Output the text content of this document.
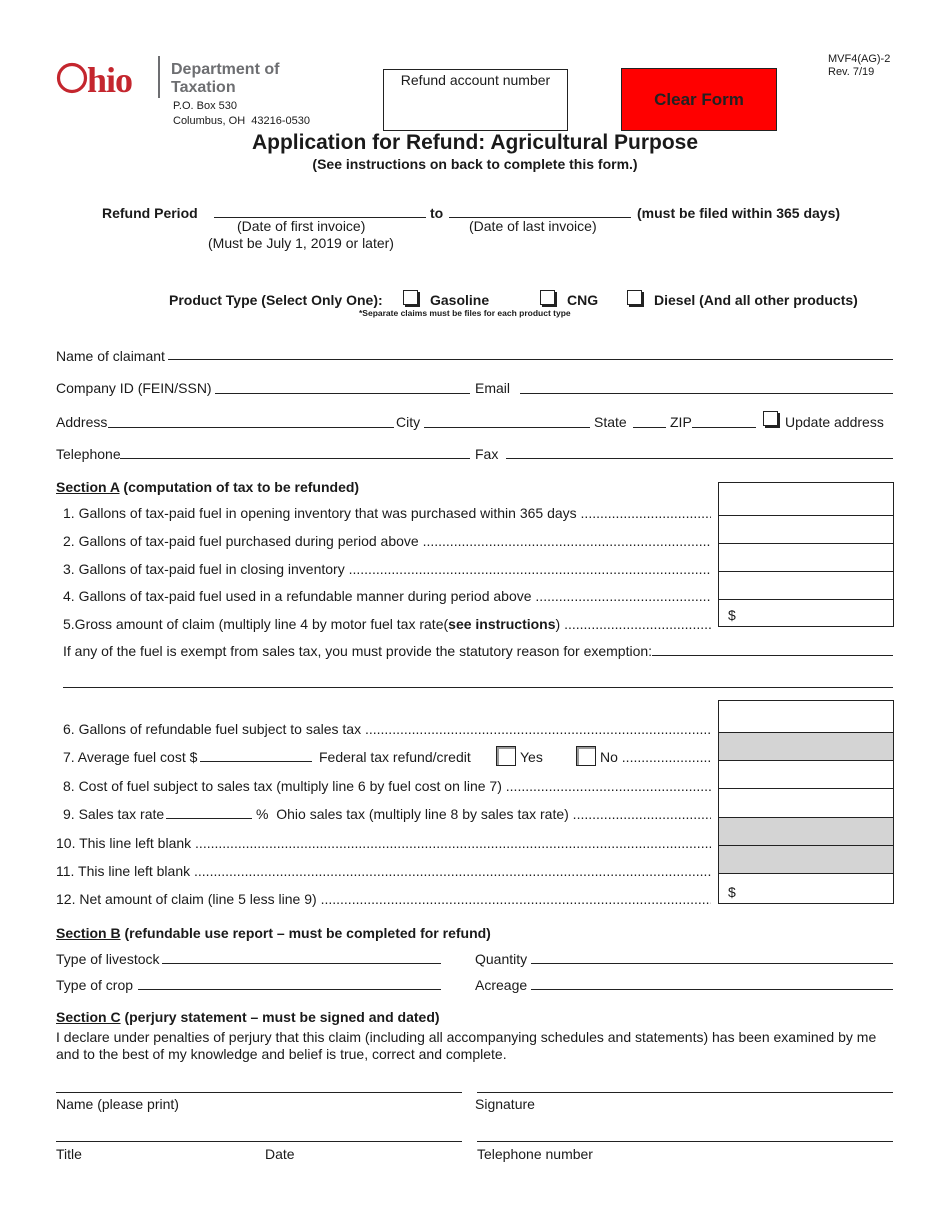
hio Department of
Taxation
P.O. Box 530
Columbus, OH  43216-0530
Refund account number
Clear Form
MVF4(AG)-2
Rev. 7/19
Application for Refund: Agricultural Purpose
(See instructions on back to complete this form.)
Refund Period	to	(must be filed within 365 days)
(Date of first invoice)
(Must be July 1, 2019 or later)
(Date of last invoice)
Product Type (Select Only One):	Gasoline	CNG	Diesel (And all other products)
*Separate claims must be files for each product type
Name of claimant
Company ID (FEIN/SSN)	Email
Address	City	State	ZIP	Update address
Telephone	Fax
Section A (computation of tax to be refunded)
1. Gallons of tax-paid fuel in opening inventory that was purchased within 365 days .....
2. Gallons of tax-paid fuel purchased during period above .....
3. Gallons of tax-paid fuel in closing inventory .....
4. Gallons of tax-paid fuel used in a refundable manner during period above .....
5.Gross amount of claim (multiply line 4 by motor fuel tax rate(see instructions) .....
$
If any of the fuel is exempt from sales tax, you must provide the statutory reason for exemption:
6. Gallons of refundable fuel subject to sales tax .....
7. Average fuel cost $	Federal tax refund/credit	Yes	No .....
8. Cost of fuel subject to sales tax (multiply line 6 by fuel cost on line 7) .....
9. Sales tax rate	%  Ohio sales tax (multiply line 8 by sales tax rate) .....
10. This line left blank .....
11. This line left blank .....
12. Net amount of claim (line 5 less line 9) .....	$
Section B (refundable use report – must be completed for refund)
Type of livestock	Quantity
Type of crop	Acreage
Section C (perjury statement – must be signed and dated)
I declare under penalties of perjury that this claim (including all accompanying schedules and statements) has been examined by me and to the best of my knowledge and belief is true, correct and complete.
Name (please print)	Signature
Title	Date	Telephone number
